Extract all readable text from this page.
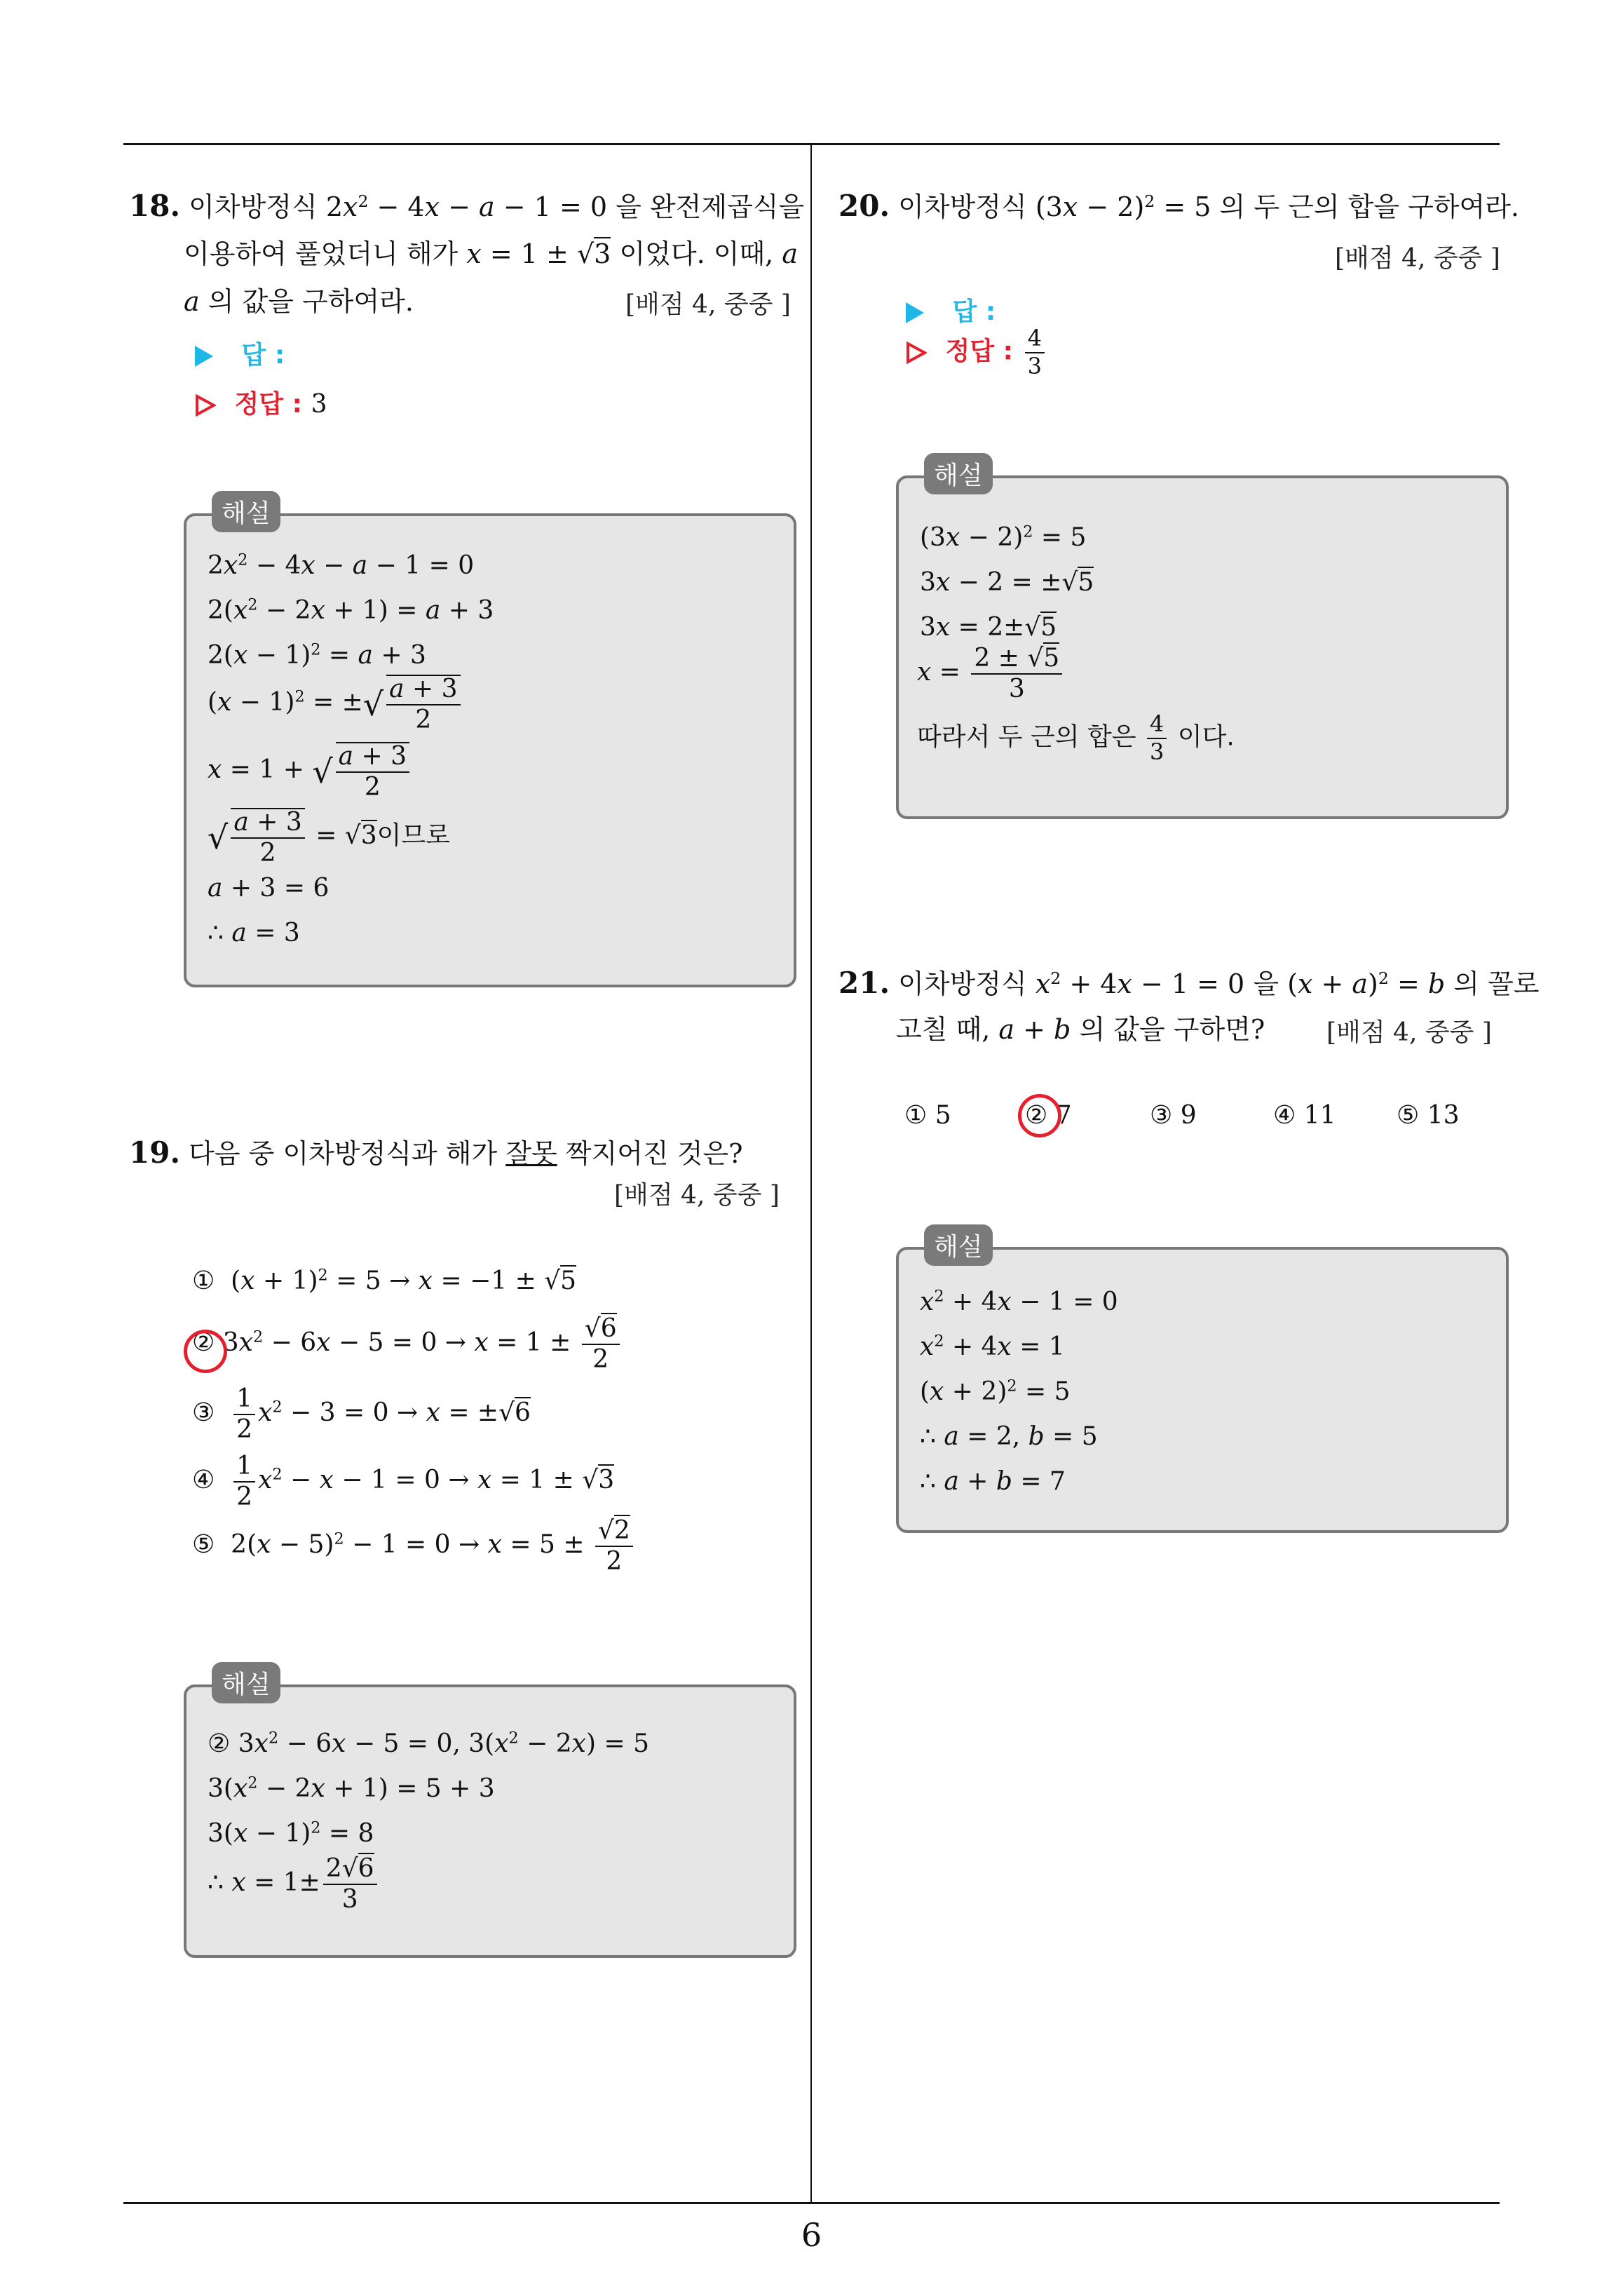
6
18. 이차방정식 $2x^2 - 4x - a - 1 = 0$ 을 완전제곱식을
이용하여 풀었더니 해가 x = 1 ± √3 이었다. 이때, a
a 의 값을 구하여라.	[배점 4, 중중 ]
답 :
정답 : 3
$2x^2 - 4x - a - 1 = 0$
$2(x^2 - 2x + 1) = a + 3$
$2(x - 1)^2 = a + 3$
$(x - 1)^2$ = ±√ $\frac{a + 3}{2}$
x = 1 + √ $\frac{a + 3}{2}$
√ $\frac{a + 3}{2} = √3$이므로
a + 3 = 6
∴ a = 3
해설
19. 다음 중 이차방정식과 해가 잘못 짝지어진 것은?
[배점 4, 중중 ]
①  $(x + 1)^2 = 5 \to x = -1 \pm √5$
② $3x^2 - 6x - 5 = 0 \to x = 1 \pm \frac{√6}{2}$
③ $\frac{1}{2} x^2 - 3 = 0 \to x = \pm√6$
④ $\frac{1}{2} x^2 - x - 1 = 0 \to x = 1 \pm √3$
⑤  $2(x - 5)^2 - 1 = 0 \to x = 5 \pm \frac{√2}{2}$
② $3x^2 - 6x - 5 = 0$, $3(x^2 - 2x) = 5$
$3(x^2 - 2x + 1) = 5 + 3$
$3(x - 1)^2 = 8$
∴ $x = 1\pm \frac{2√6}{3}$
해설
20. 이차방정식 $(3x - 2)^2 = 5$ 의 두 근의 합을 구하여라.
[배점 4, 중중 ]
답 :
정답 : $\frac{4}{3}$
$(3x - 2)^2 = 5$
3x − 2 = ±√5
3x = 2±√5
$x = \frac{2 \pm √5}{3}$
따라서 두 근의 합은 $\frac{4}{3}$ 이다.
해설
21. 이차방정식 $x^2 + 4x - 1 = 0$ 을 $(x + a)^2 = b$ 의 꼴로
고칠 때, a + b 의 값을 구하면? [배점 4, 중중 ]
① 5	② 7	③ 9	④ 11 ⑤ 13
$x^2 + 4x - 1 = 0$
$x^2 + 4x = 1$
$(x + 2)^2 = 5$
∴ a = 2, b = 5
∴ a + b = 7
해설
